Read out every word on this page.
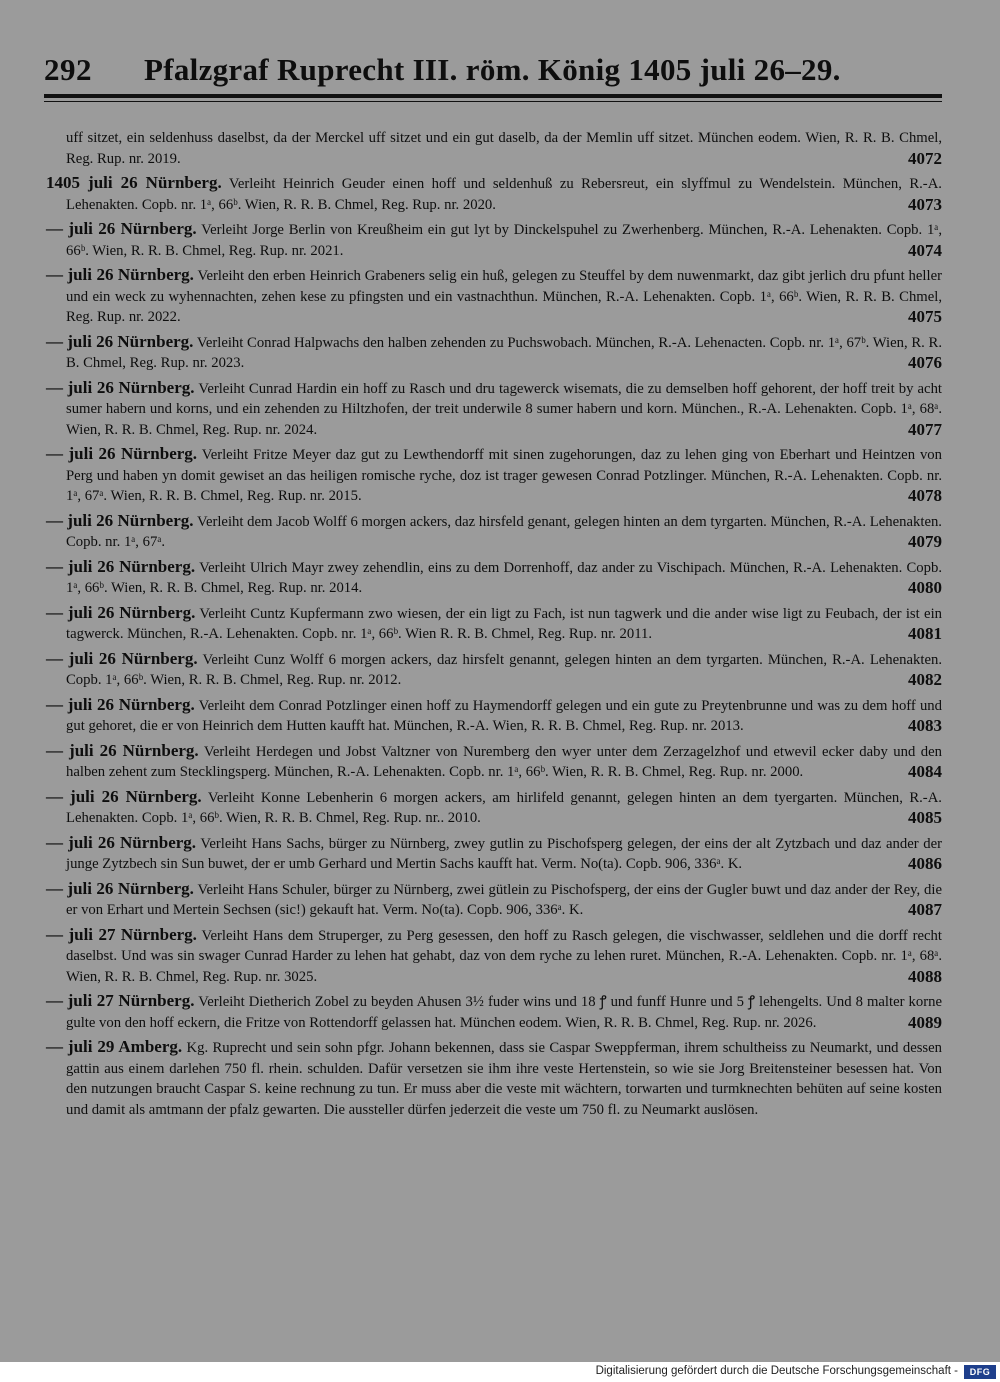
292 Pfalzgraf Ruprecht III. röm. König 1405 juli 26–29.
uff sitzet, ein seldenhuss daselbst, da der Merckel uff sitzet und ein gut daselb, da der Memlin uff sitzet. München eodem. Wien, R. R. B. Chmel, Reg. Rup. nr. 2019.	4072
1405 juli 26 Nürnberg. Verleiht Heinrich Geuder einen hoff und seldenhuß zu Rebersreut, ein slyffmul zu Wendelstein. München, R.-A. Lehenakten. Copb. nr. 1ᵃ, 66ᵇ. Wien, R. R. B. Chmel, Reg. Rup. nr. 2020.	4073
— juli 26 Nürnberg. Verleiht Jorge Berlin von Kreußheim ein gut lyt by Dinckelspuhel zu Zwerhenberg. München, R.-A. Lehenakten. Copb. 1ᵃ, 66ᵇ. Wien, R. R. B. Chmel, Reg. Rup. nr. 2021.	4074
— juli 26 Nürnberg. Verleiht den erben Heinrich Grabeners selig ein huß, gelegen zu Steuffel by dem nuwenmarkt, daz gibt jerlich dru pfunt heller und ein weck zu wyhennachten, zehen kese zu pfingsten und ein vastnachthun. München, R.-A. Lehenakten. Copb. 1ᵃ, 66ᵇ. Wien, R. R. B. Chmel, Reg. Rup. nr. 2022.	4075
— juli 26 Nürnberg. Verleiht Conrad Halpwachs den halben zehenden zu Puchswobach. München, R.-A. Lehenacten. Copb. nr. 1ᵃ, 67ᵇ. Wien, R. R. B. Chmel, Reg. Rup. nr. 2023.	4076
— juli 26 Nürnberg. Verleiht Cunrad Hardin ein hoff zu Rasch und dru tagewerck wisemats, die zu demselben hoff gehorent, der hoff treit by acht sumer habern und korns, und ein zehenden zu Hiltzhofen, der treit underwile 8 sumer habern und korn. München., R.-A. Lehenakten. Copb. 1ᵃ, 68ᵃ. Wien, R. R. B. Chmel, Reg. Rup. nr. 2024.	4077
— juli 26 Nürnberg. Verleiht Fritze Meyer daz gut zu Lewthendorff mit sinen zugehorungen, daz zu lehen ging von Eberhart und Heintzen von Perg und haben yn domit gewiset an das heiligen romische ryche, doz ist trager gewesen Conrad Potzlinger. München, R.-A. Lehenakten. Copb. nr. 1ᵃ, 67ᵃ. Wien, R. R. B. Chmel, Reg. Rup. nr. 2015.	4078
— juli 26 Nürnberg. Verleiht dem Jacob Wolff 6 morgen ackers, daz hirsfeld genant, gelegen hinten an dem tyrgarten. München, R.-A. Lehenakten. Copb. nr. 1ᵃ, 67ᵃ.	4079
— juli 26 Nürnberg. Verleiht Ulrich Mayr zwey zehendlin, eins zu dem Dorrenhoff, daz ander zu Vischipach. München, R.-A. Lehenakten. Copb. 1ᵃ, 66ᵇ. Wien, R. R. B. Chmel, Reg. Rup. nr. 2014.	4080
— juli 26 Nürnberg. Verleiht Cuntz Kupfermann zwo wiesen, der ein ligt zu Fach, ist nun tagwerk und die ander wise ligt zu Feubach, der ist ein tagwerck. München, R.-A. Lehenakten. Copb. nr. 1ᵃ, 66ᵇ. Wien R. R. B. Chmel, Reg. Rup. nr. 2011.	4081
— juli 26 Nürnberg. Verleiht Cunz Wolff 6 morgen ackers, daz hirsfelt genannt, gelegen hinten an dem tyrgarten. München, R.-A. Lehenakten. Copb. 1ᵃ, 66ᵇ. Wien, R. R. B. Chmel, Reg. Rup. nr. 2012.	4082
— juli 26 Nürnberg. Verleiht dem Conrad Potzlinger einen hoff zu Haymendorff gelegen und ein gute zu Preytenbrunne und was zu dem hoff und gut gehoret, die er von Heinrich dem Hutten kaufft hat. München, R.-A. Wien, R. R. B. Chmel, Reg. Rup. nr. 2013.	4083
— juli 26 Nürnberg. Verleiht Herdegen und Jobst Valtzner von Nuremberg den wyer unter dem Zerzagelzhof und etwevil ecker daby und den halben zehent zum Stecklingsperg. München, R.-A. Lehenakten. Copb. nr. 1ᵃ, 66ᵇ. Wien, R. R. B. Chmel, Reg. Rup. nr. 2000.	4084
— juli 26 Nürnberg. Verleiht Konne Lebenherin 6 morgen ackers, am hirlifeld genannt, gelegen hinten an dem tyergarten. München, R.-A. Lehenakten. Copb. 1ᵃ, 66ᵇ. Wien, R. R. B. Chmel, Reg. Rup. nr.. 2010.	4085
— juli 26 Nürnberg. Verleiht Hans Sachs, bürger zu Nürnberg, zwey gutlin zu Pischofsperg gelegen, der eins der alt Zytzbach und daz ander der junge Zytzbech sin Sun buwet, der er umb Gerhard und Mertin Sachs kaufft hat. Verm. No(ta). Copb. 906, 336ᵃ. K.	4086
— juli 26 Nürnberg. Verleiht Hans Schuler, bürger zu Nürnberg, zwei gütlein zu Pischofsperg, der eins der Gugler buwt und daz ander der Rey, die er von Erhart und Mertein Sechsen (sic!) gekauft hat. Verm. No(ta). Copb. 906, 336ᵃ. K.	4087
— juli 27 Nürnberg. Verleiht Hans dem Struperger, zu Perg gesessen, den hoff zu Rasch gelegen, die vischwasser, seldlehen und die dorff recht daselbst. Und was sin swager Cunrad Harder zu lehen hat gehabt, daz von dem ryche zu lehen ruret. München, R.-A. Lehenakten. Copb. nr. 1ᵃ, 68ᵃ. Wien, R. R. B. Chmel, Reg. Rup. nr. 3025.	4088
— juli 27 Nürnberg. Verleiht Dietherich Zobel zu beyden Ahusen 3½ fuder wins und 18 ꝭ und funff Hunre und 5 ꝭ lehengelts. Und 8 malter korne gulte von den hoff eckern, die Fritze von Rottendorff gelassen hat. München eodem. Wien, R. R. B. Chmel, Reg. Rup. nr. 2026.	4089
— juli 29 Amberg. Kg. Ruprecht und sein sohn pfgr. Johann bekennen, dass sie Caspar Sweppferman, ihrem schultheiss zu Neumarkt, und dessen gattin aus einem darlehen 750 fl. rhein. schulden. Dafür versetzen sie ihm ihre veste Hertenstein, so wie sie Jorg Breitensteiner besessen hat. Von den nutzungen braucht Caspar S. keine rechnung zu tun. Er muss aber die veste mit wächtern, torwarten und turmknechten behüten auf seine kosten und damit als amtmann der pfalz gewarten. Die aussteller dürfen jederzeit die veste um 750 fl. zu Neumarkt auslösen.
Digitalisierung gefördert durch die Deutsche Forschungsgemeinschaft -	DFG
